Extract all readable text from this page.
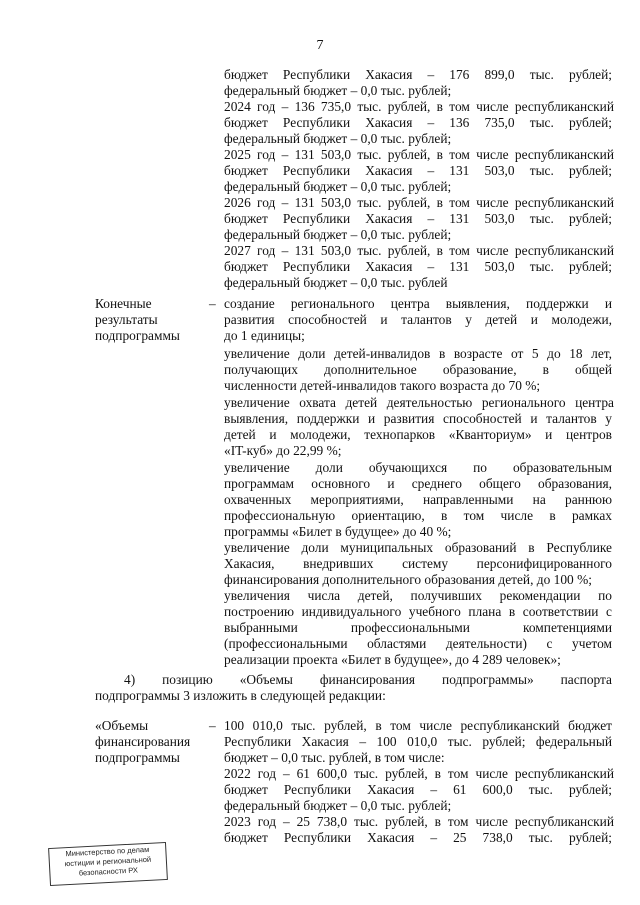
7
бюджет Республики Хакасия – 176 899,0 тыс. рублей;
федеральный бюджет – 0,0 тыс. рублей;
2024 год – 136 735,0 тыс. рублей, в том числе республиканский
бюджет Республики Хакасия – 136 735,0 тыс. рублей;
федеральный бюджет – 0,0 тыс. рублей;
2025 год – 131 503,0 тыс. рублей, в том числе республиканский
бюджет Республики Хакасия – 131 503,0 тыс. рублей;
федеральный бюджет – 0,0 тыс. рублей;
2026 год – 131 503,0 тыс. рублей, в том числе республиканский
бюджет Республики Хакасия – 131 503,0 тыс. рублей;
федеральный бюджет – 0,0 тыс. рублей;
2027 год – 131 503,0 тыс. рублей, в том числе республиканский
бюджет Республики Хакасия – 131 503,0 тыс. рублей;
федеральный бюджет – 0,0 тыс. рублей
Конечные
результаты
подпрограммы
– создание регионального центра выявления, поддержки и
развития способностей и талантов у детей и молодежи,
до 1 единицы;
увеличение доли детей-инвалидов в возрасте от 5 до 18 лет,
получающих дополнительное образование, в общей
численности детей-инвалидов такого возраста до 70 %;
увеличение охвата детей деятельностью регионального центра
выявления, поддержки и развития способностей и талантов у
детей и молодежи, технопарков «Кванториум» и центров
«IT-куб» до 22,99 %;
увеличение доли обучающихся по образовательным
программам основного и среднего общего образования,
охваченных мероприятиями, направленными на раннюю
профессиональную ориентацию, в том числе в рамках
программы «Билет в будущее» до 40 %;
увеличение доли муниципальных образований в Республике
Хакасия, внедривших систему персонифицированного
финансирования дополнительного образования детей, до 100 %;
увеличения числа детей, получивших рекомендации по
построению индивидуального учебного плана в соответствии с
выбранными профессиональными компетенциями
(профессиональными областями деятельности) с учетом
реализации проекта «Билет в будущее», до 4 289 человек»;
4) позицию «Объемы финансирования подпрограммы» паспорта
подпрограммы 3 изложить в следующей редакции:
«Объемы
финансирования
подпрограммы
– 100 010,0 тыс. рублей, в том числе республиканский бюджет
Республики Хакасия – 100 010,0 тыс. рублей; федеральный
бюджет – 0,0 тыс. рублей, в том числе:
2022 год – 61 600,0 тыс. рублей, в том числе республиканский
бюджет Республики Хакасия – 61 600,0 тыс. рублей;
федеральный бюджет – 0,0 тыс. рублей;
2023 год – 25 738,0 тыс. рублей, в том числе республиканский
бюджет Республики Хакасия – 25 738,0 тыс. рублей;
Министерство по делам
юстиции и региональной
безопасности РХ
